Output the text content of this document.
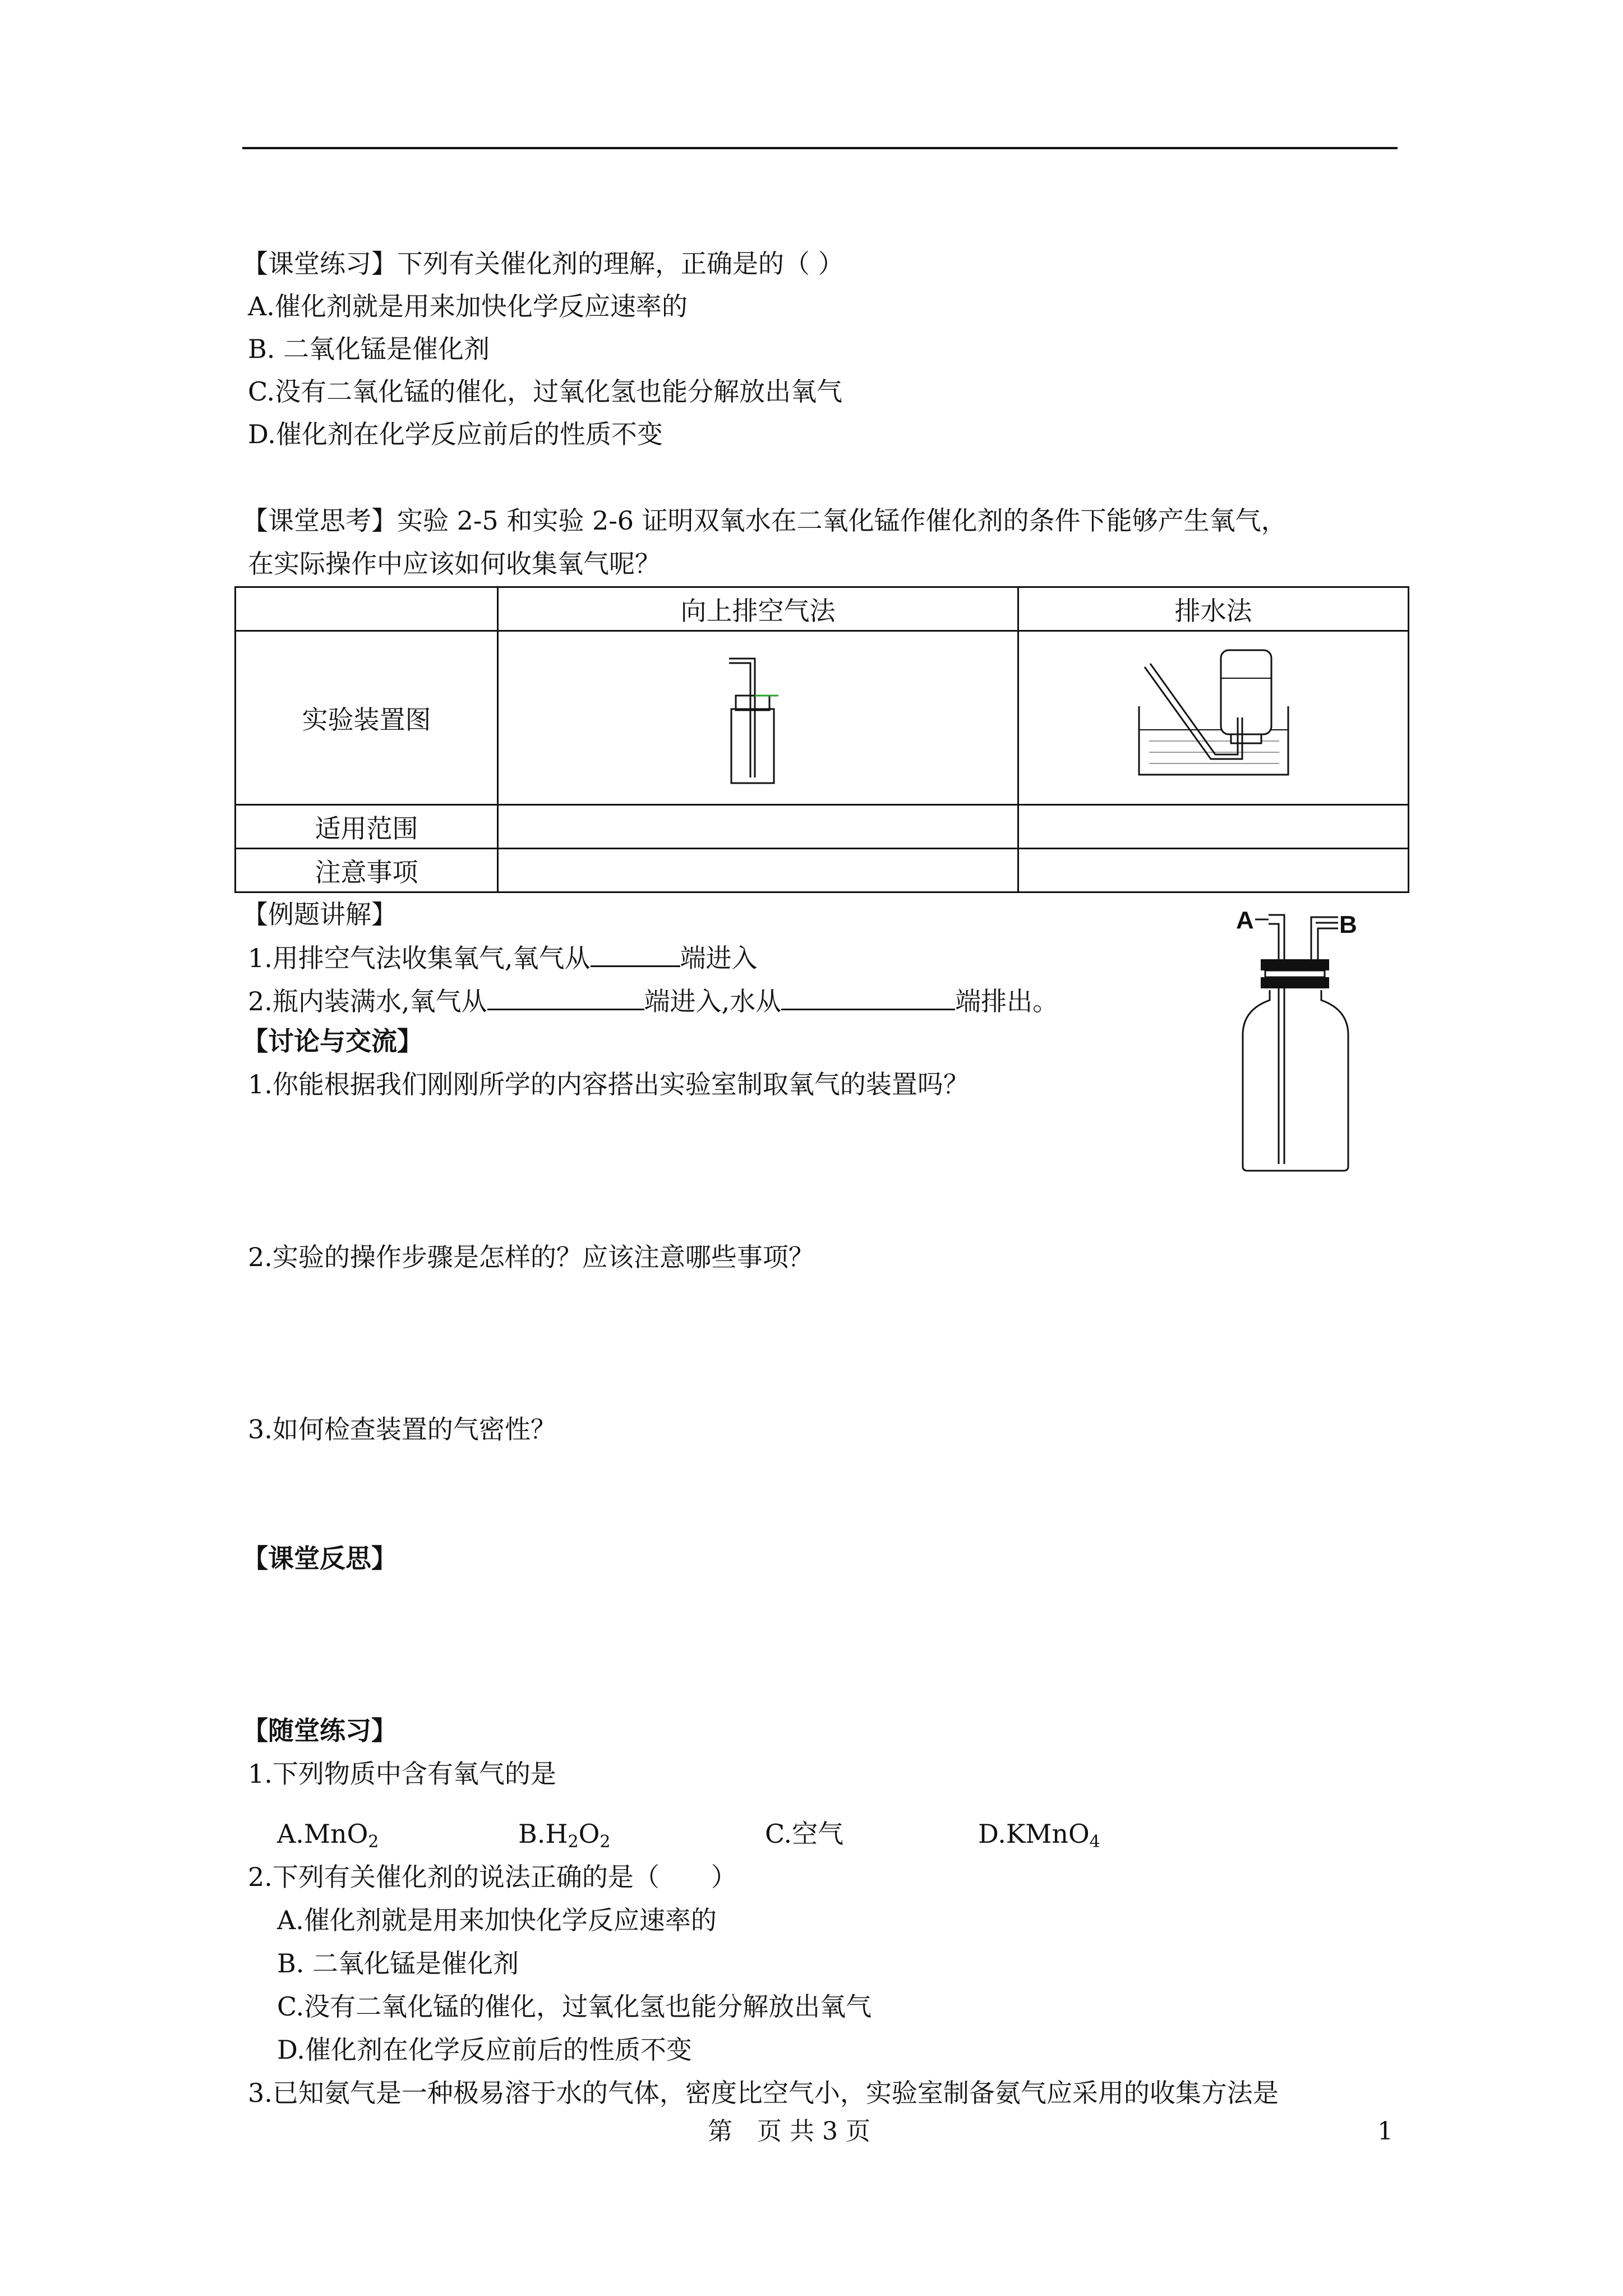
【课堂练习】下列有关催化剂的理解，正确是的（ ）
A.催化剂就是用来加快化学反应速率的
B. 二氧化锰是催化剂
C.没有二氧化锰的催化，过氧化氢也能分解放出氧气
D.催化剂在化学反应前后的性质不变
【课堂思考】实验 2-5 和实验 2-6 证明双氧水在二氧化锰作催化剂的条件下能够产生氧气，
在实际操作中应该如何收集氧气呢？
	向上排空气法	排水法
实验装置图		
适用范围		
注意事项		
【例题讲解】
1.用排空气法收集氧气,氧气从	端进入
2.瓶内装满水,氧气从	端进入,水从	端排出。
A	B
【讨论与交流】
1.你能根据我们刚刚所学的内容搭出实验室制取氧气的装置吗？
2.实验的操作步骤是怎样的？应该注意哪些事项？
3.如何检查装置的气密性？
【课堂反思】
【随堂练习】
1.下列物质中含有氧气的是
A.MnO$_2$	$B.H_2O_2$	C.空气	D.KMnO$_4$
2.下列有关催化剂的说法正确的是（　　）
A.催化剂就是用来加快化学反应速率的
B. 二氧化锰是催化剂
C.没有二氧化锰的催化，过氧化氢也能分解放出氧气
D.催化剂在化学反应前后的性质不变
3.已知氨气是一种极易溶于水的气体，密度比空气小，实验室制备氨气应采用的收集方法是
第　页 共 3 页	1
